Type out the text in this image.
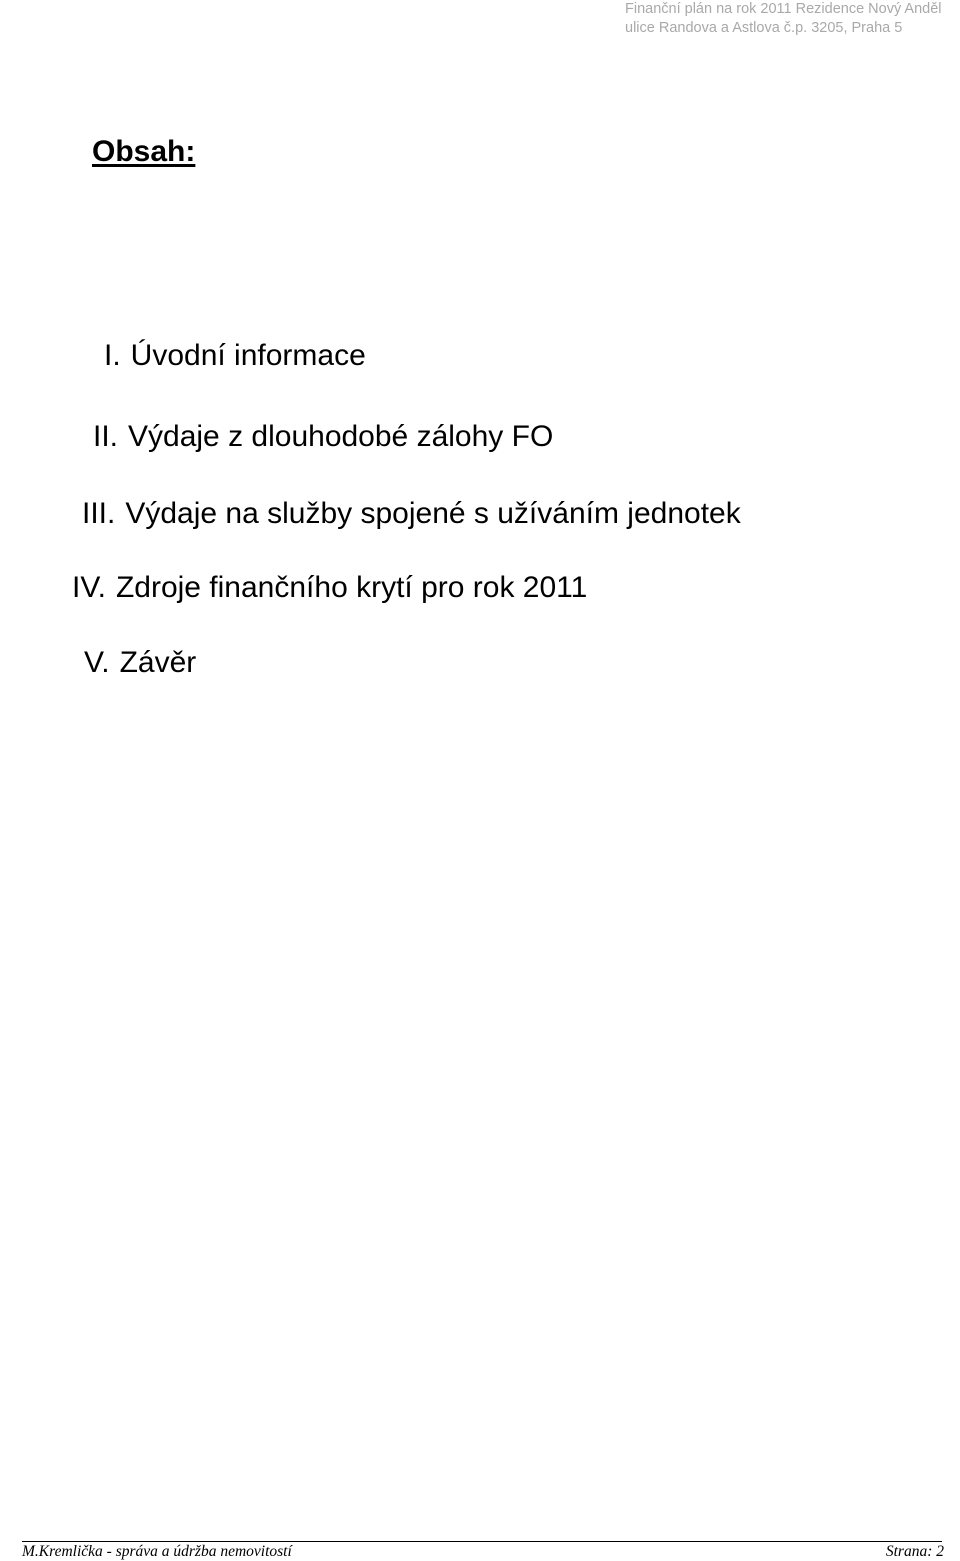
Finanční plán na rok 2011 Rezidence Nový Anděl
ulice Randova a Astlova č.p. 3205, Praha 5
Obsah:
I. Úvodní informace
II. Výdaje z dlouhodobé zálohy FO
III. Výdaje na služby spojené s užíváním jednotek
IV. Zdroje finančního krytí pro rok 2011
V. Závěr
M.Kremlička - správa a údržba nemovitostí	Strana: 2
